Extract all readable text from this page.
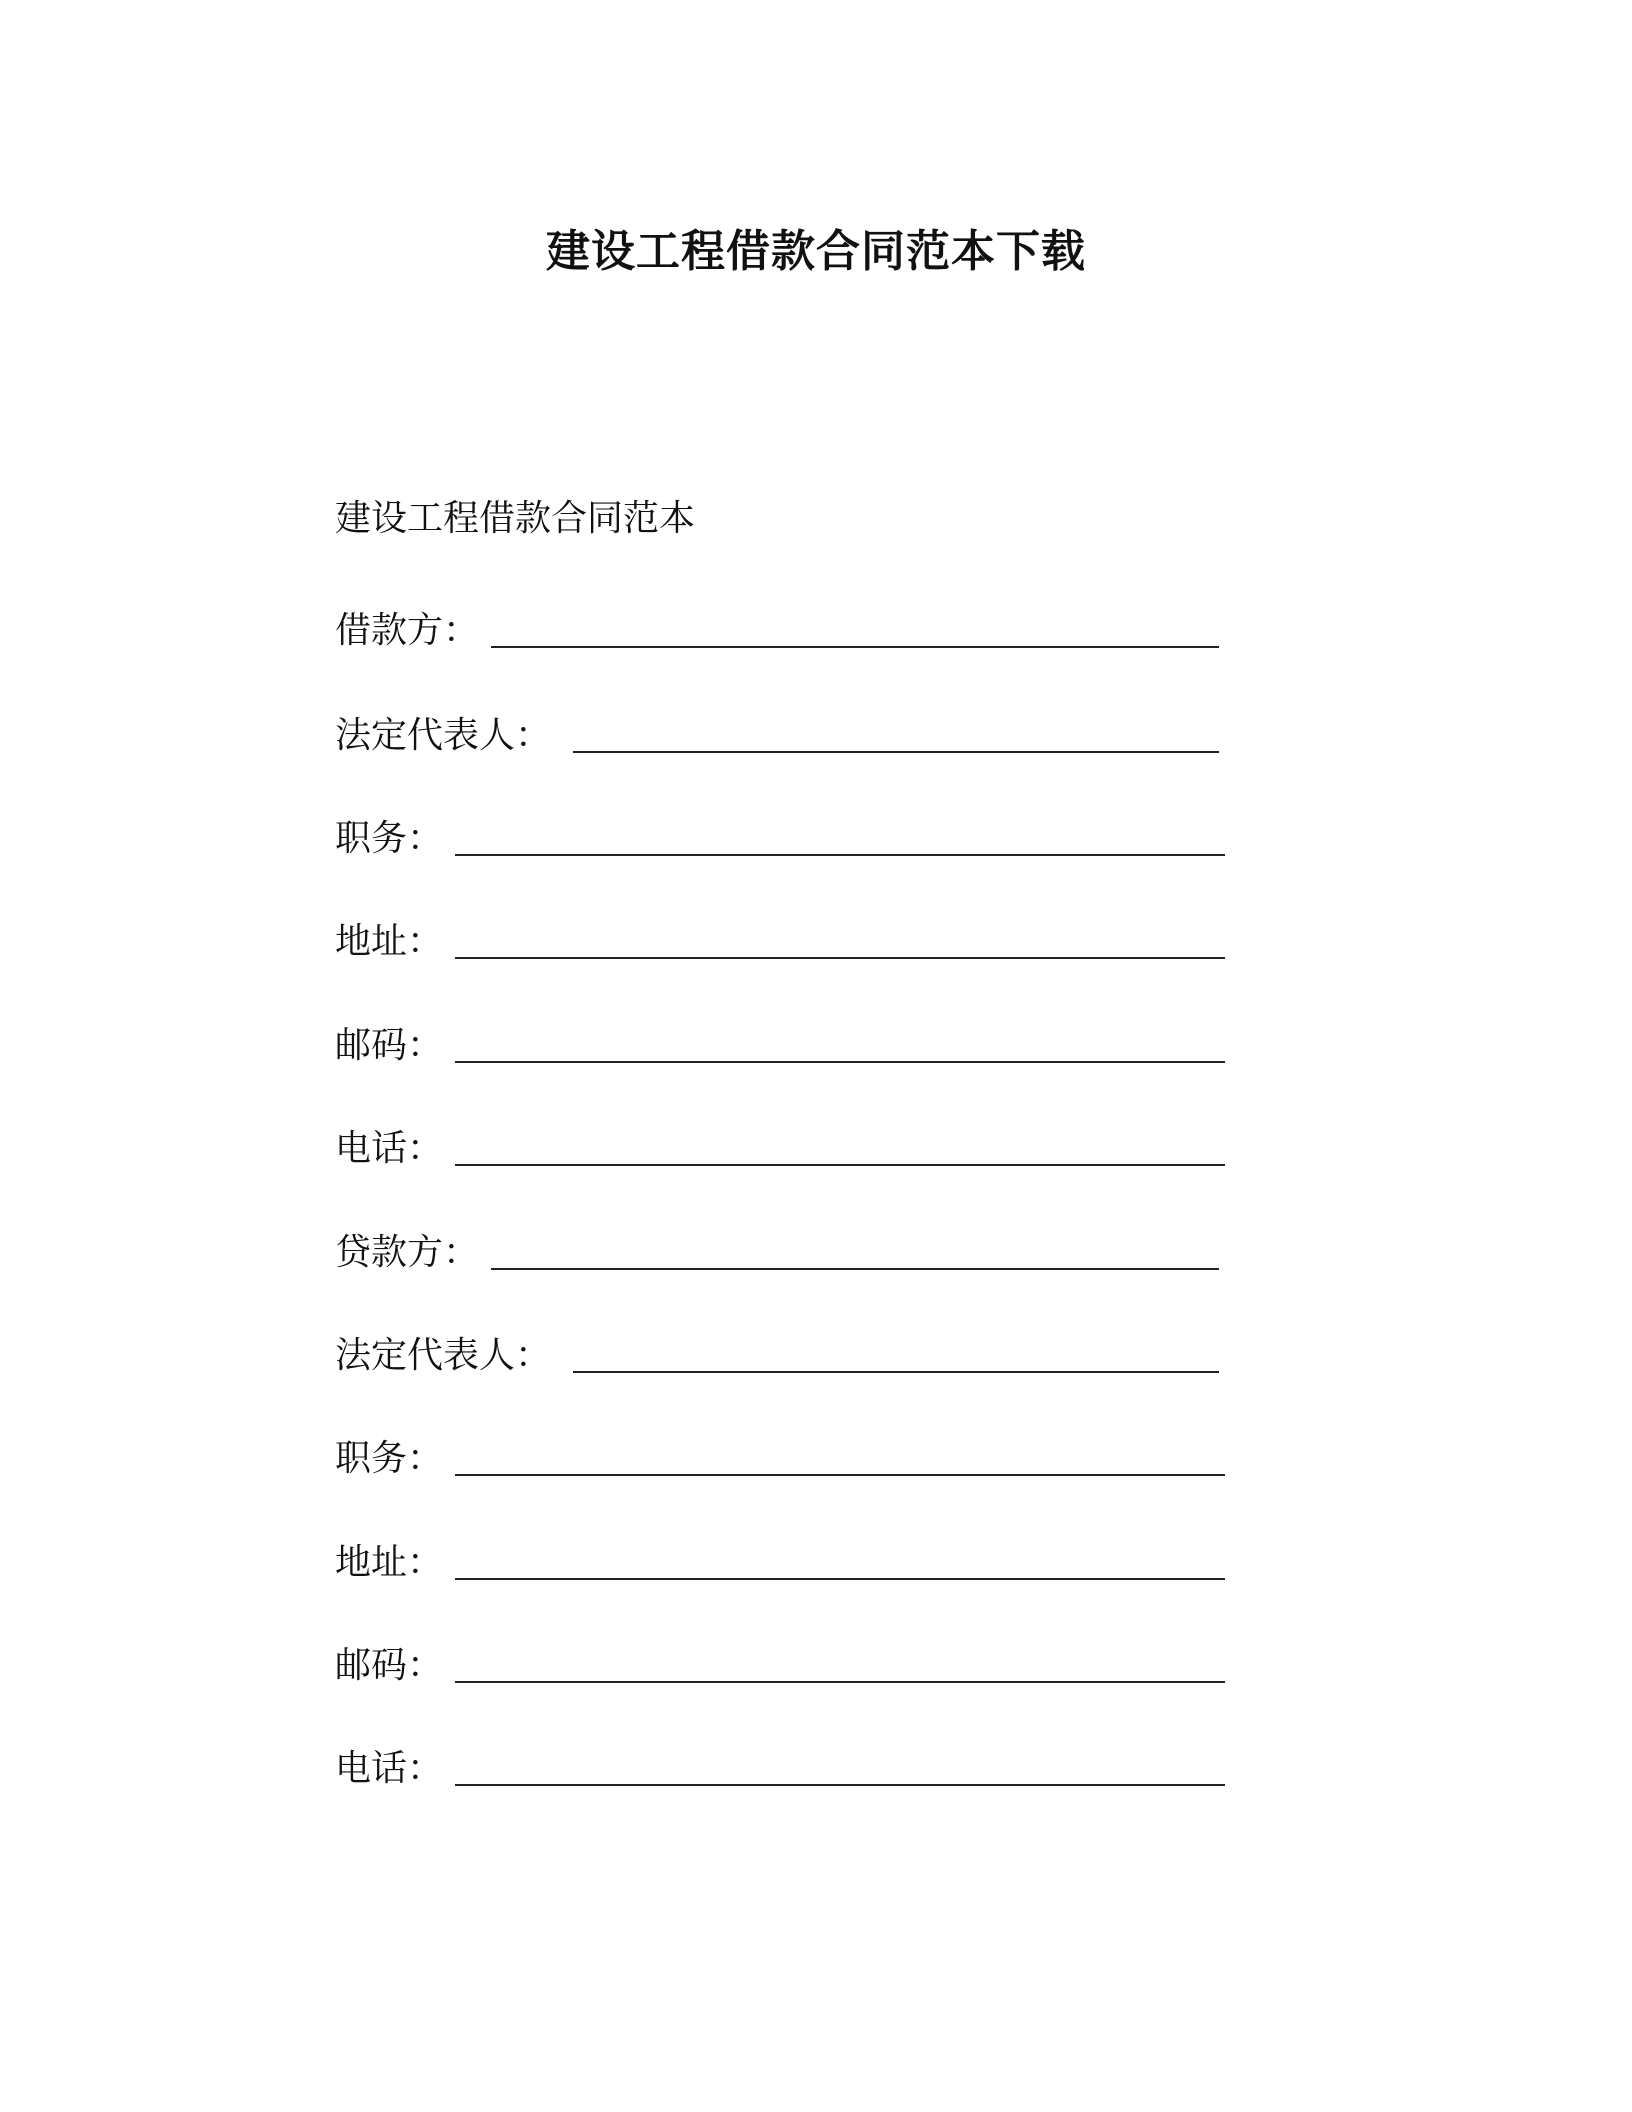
建设工程借款合同范本下载
建设工程借款合同范本
借款方：
法定代表人：
职务：
地址：
邮码：
电话：
贷款方：
法定代表人：
职务：
地址：
邮码：
电话：
